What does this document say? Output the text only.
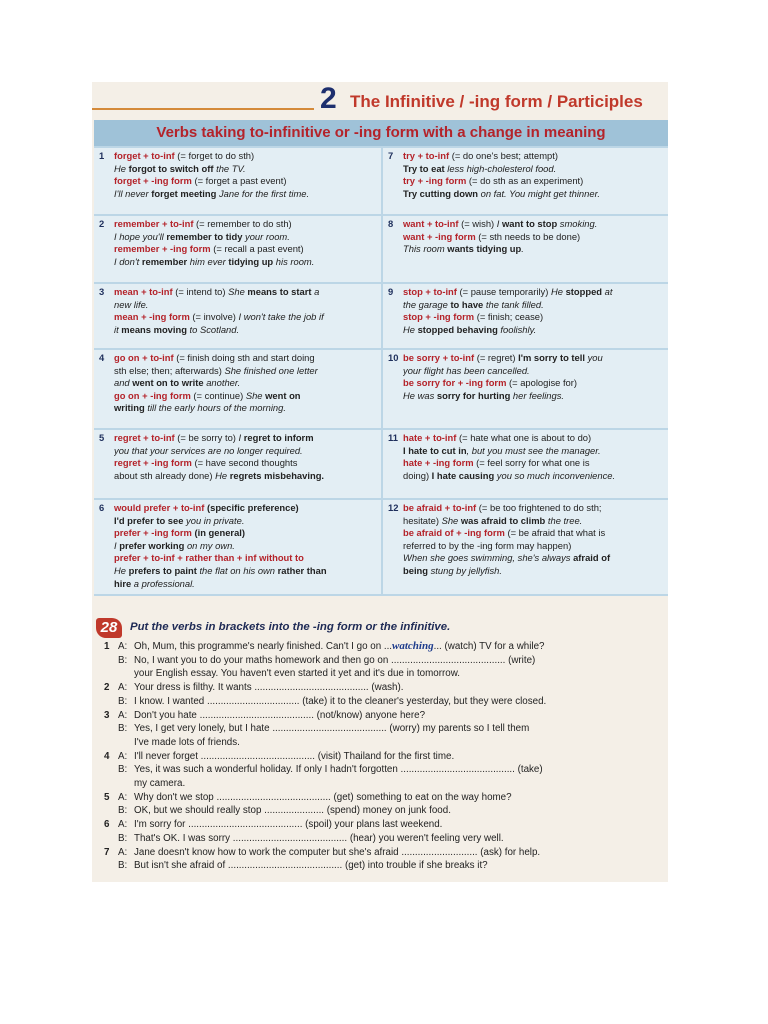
2 The Infinitive / -ing form / Participles
Verbs taking to-infinitive or -ing form with a change in meaning
1 forget + to-inf (= forget to do sth)
He forgot to switch off the TV.
forget + -ing form (= forget a past event)
I'll never forget meeting Jane for the first time.
7 try + to-inf (= do one's best; attempt)
Try to eat less high-cholesterol food.
try + -ing form (= do sth as an experiment)
Try cutting down on fat. You might get thinner.
2 remember + to-inf (= remember to do sth)
I hope you'll remember to tidy your room.
remember + -ing form (= recall a past event)
I don't remember him ever tidying up his room.
8 want + to-inf (= wish) I want to stop smoking.
want + -ing form (= sth needs to be done)
This room wants tidying up.
3 mean + to-inf (= intend to) She means to start a
new life.
mean + -ing form (= involve) I won't take the job if
it means moving to Scotland.
9 stop + to-inf (= pause temporarily) He stopped at
the garage to have the tank filled.
stop + -ing form (= finish; cease)
He stopped behaving foolishly.
4 go on + to-inf (= finish doing sth and start doing
sth else; then; afterwards) She finished one letter
and went on to write another.
go on + -ing form (= continue) She went on
writing till the early hours of the morning.
10 be sorry + to-inf (= regret) I'm sorry to tell you
your flight has been cancelled.
be sorry for + -ing form (= apologise for)
He was sorry for hurting her feelings.
5 regret + to-inf (= be sorry to) I regret to inform
you that your services are no longer required.
regret + -ing form (= have second thoughts
about sth already done) He regrets misbehaving.
11 hate + to-inf (= hate what one is about to do)
I hate to cut in, but you must see the manager.
hate + -ing form (= feel sorry for what one is
doing) I hate causing you so much inconvenience.
6 would prefer + to-inf (specific preference)
I'd prefer to see you in private.
prefer + -ing form (in general)
I prefer working on my own.
prefer + to-inf + rather than + inf without to
He prefers to paint the flat on his own rather than
hire a professional.
12 be afraid + to-inf (= be too frightened to do sth;
hesitate) She was afraid to climb the tree.
be afraid of + -ing form (= be afraid that what is
referred to by the -ing form may happen)
When she goes swimming, she's always afraid of
being stung by jellyfish.
28	Put the verbs in brackets into the -ing form or the infinitive.
1 A: Oh, Mum, this programme's nearly finished. Can't I go on ...watching... (watch) TV for a while?
B: No, I want you to do your maths homework and then go on .......................................... (write)
your English essay. You haven't even started it yet and it's due in tomorrow.
2 A: Your dress is filthy. It wants .......................................... (wash).
B: I know. I wanted .................................. (take) it to the cleaner's yesterday, but they were closed.
3 A: Don't you hate .......................................... (not/know) anyone here?
B: Yes, I get very lonely, but I hate .......................................... (worry) my parents so I tell them
I've made lots of friends.
4 A: I'll never forget .......................................... (visit) Thailand for the first time.
B: Yes, it was such a wonderful holiday. If only I hadn't forgotten .......................................... (take)
my camera.
5 A: Why don't we stop .......................................... (get) something to eat on the way home?
B: OK, but we should really stop ...................... (spend) money on junk food.
6 A: I'm sorry for .......................................... (spoil) your plans last weekend.
B: That's OK. I was sorry .......................................... (hear) you weren't feeling very well.
7 A: Jane doesn't know how to work the computer but she's afraid ............................ (ask) for help.
B: But isn't she afraid of .......................................... (get) into trouble if she breaks it?
